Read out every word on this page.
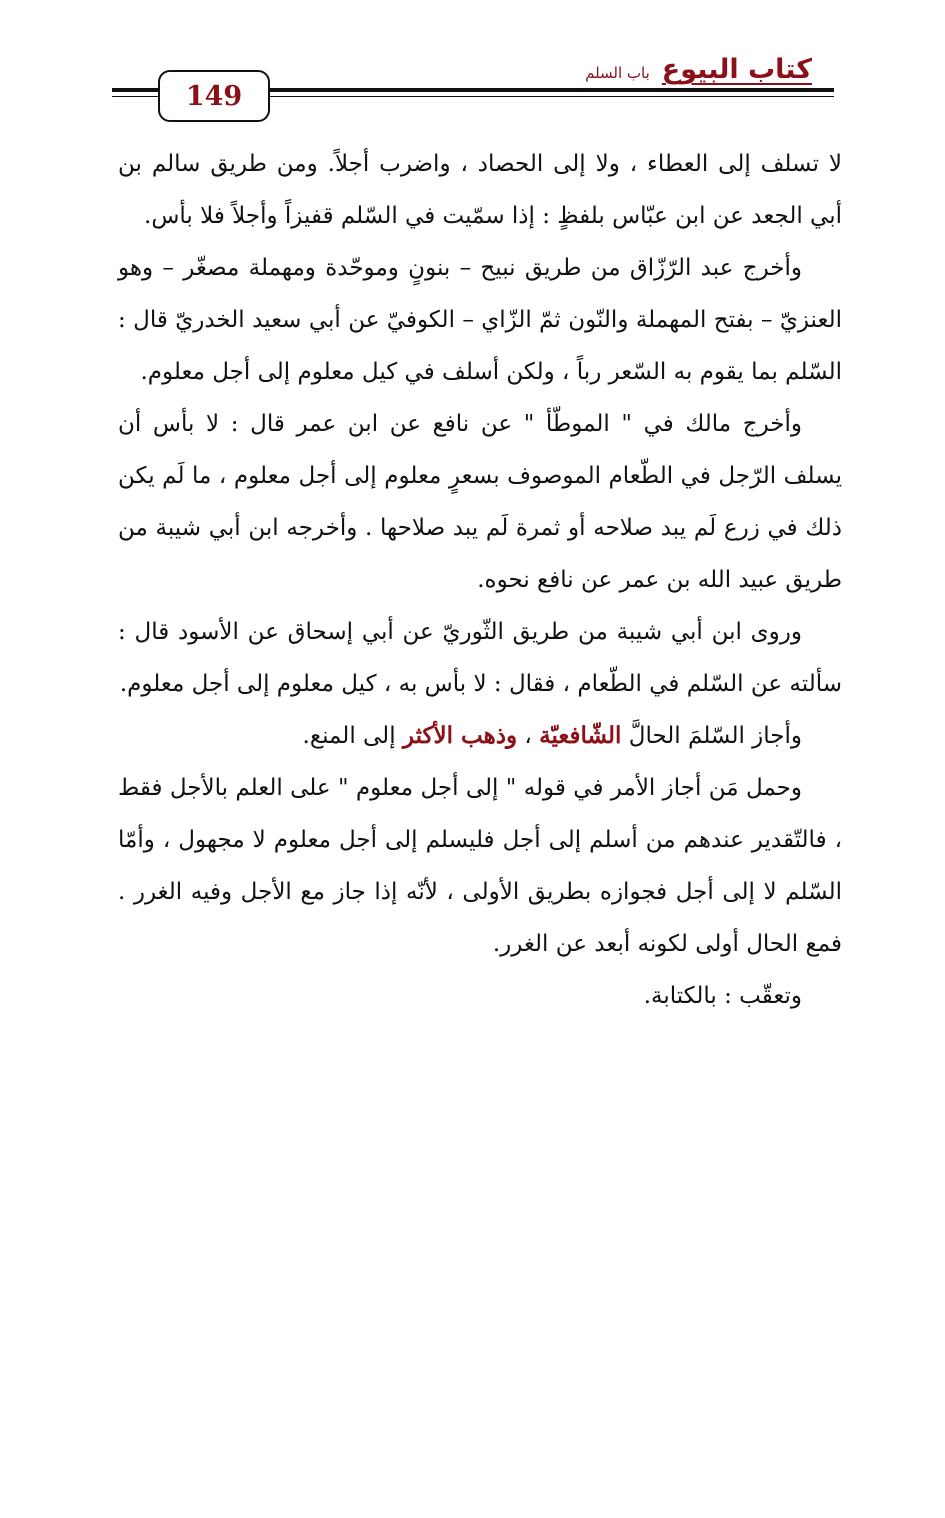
كتاب البيوع
باب السلم
149

لا تسلف إلى العطاء ، ولا إلى الحصاد ، واضرب أجلاً. ومن طريق سالم بن أبي الجعد عن ابن عبّاس بلفظٍ : إذا سمّيت في السّلم قفيزاً وأجلاً فلا بأس.

وأخرج عبد الرّزّاق من طريق نبيح – بنونٍ وموحّدة ومهملة مصغّر – وهو العنزيّ – بفتح المهملة والنّون ثمّ الزّاي – الكوفيّ عن أبي سعيد الخدريّ قال : السّلم بما يقوم به السّعر رباً ، ولكن أسلف في كيل معلوم إلى أجل معلوم.

وأخرج مالك في " الموطّأ " عن نافع عن ابن عمر قال : لا بأس أن يسلف الرّجل في الطّعام الموصوف بسعرٍ معلوم إلى أجل معلوم ، ما لَم يكن ذلك في زرع لَم يبد صلاحه أو ثمرة لَم يبد صلاحها . وأخرجه ابن أبي شيبة من طريق عبيد الله بن عمر عن نافع نحوه.

وروى ابن أبي شيبة من طريق الثّوريّ عن أبي إسحاق عن الأسود قال : سألته عن السّلم في الطّعام ، فقال : لا بأس به ، كيل معلوم إلى أجل معلوم.

وأجاز السّلمَ الحالَّ الشّافعيّة ، وذهب الأكثر إلى المنع.

وحمل مَن أجاز الأمر في قوله " إلى أجل معلوم " على العلم بالأجل فقط ، فالتّقدير عندهم من أسلم إلى أجل فليسلم إلى أجل معلوم لا مجهول ، وأمّا السّلم لا إلى أجل فجوازه بطريق الأولى ، لأنّه إذا جاز مع الأجل وفيه الغرر . فمع الحال أولى لكونه أبعد عن الغرر.

وتعقّب : بالكتابة.
